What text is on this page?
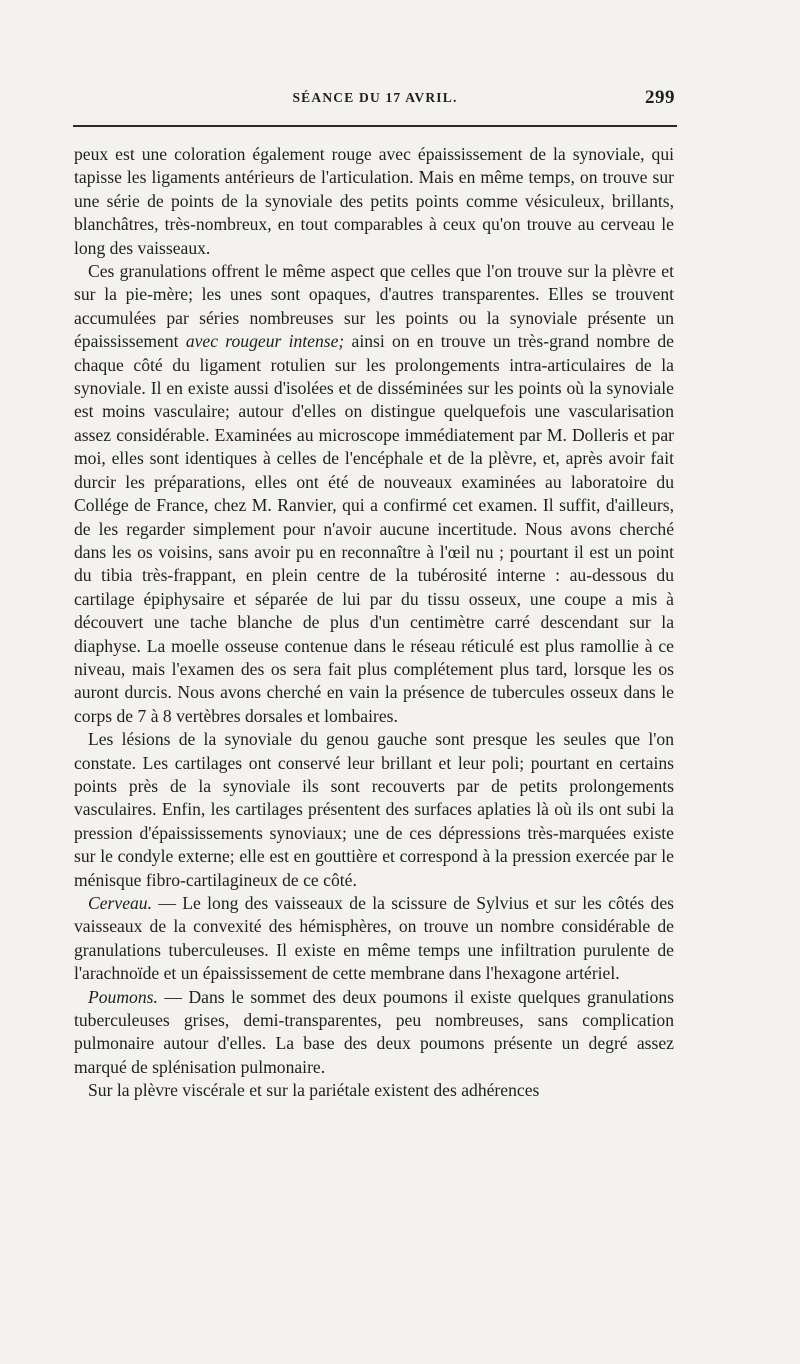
SÉANCE DU 17 AVRIL.	299

peux est une coloration également rouge avec épaississement de la synoviale, qui tapisse les ligaments antérieurs de l'articulation. Mais en même temps, on trouve sur une série de points de la synoviale des petits points comme vésiculeux, brillants, blanchâtres, très-nombreux, en tout comparables à ceux qu'on trouve au cerveau le long des vaisseaux.

Ces granulations offrent le même aspect que celles que l'on trouve sur la plèvre et sur la pie-mère; les unes sont opaques, d'autres transparentes. Elles se trouvent accumulées par séries nombreuses sur les points ou la synoviale présente un épaississement avec rougeur intense; ainsi on en trouve un très-grand nombre de chaque côté du ligament rotulien sur les prolongements intra-articulaires de la synoviale. Il en existe aussi d'isolées et de disséminées sur les points où la synoviale est moins vasculaire; autour d'elles on distingue quelquefois une vascularisation assez considérable. Examinées au microscope immédiatement par M. Dolleris et par moi, elles sont identiques à celles de l'encéphale et de la plèvre, et, après avoir fait durcir les préparations, elles ont été de nouveaux examinées au laboratoire du Collége de France, chez M. Ranvier, qui a confirmé cet examen. Il suffit, d'ailleurs, de les regarder simplement pour n'avoir aucune incertitude. Nous avons cherché dans les os voisins, sans avoir pu en reconnaître à l'œil nu ; pourtant il est un point du tibia très-frappant, en plein centre de la tubérosité interne : au-dessous du cartilage épiphysaire et séparée de lui par du tissu osseux, une coupe a mis à découvert une tache blanche de plus d'un centimètre carré descendant sur la diaphyse. La moelle osseuse contenue dans le réseau réticulé est plus ramollie à ce niveau, mais l'examen des os sera fait plus complétement plus tard, lorsque les os auront durcis. Nous avons cherché en vain la présence de tubercules osseux dans le corps de 7 à 8 vertèbres dorsales et lombaires.

Les lésions de la synoviale du genou gauche sont presque les seules que l'on constate. Les cartilages ont conservé leur brillant et leur poli; pourtant en certains points près de la synoviale ils sont recouverts par de petits prolongements vasculaires. Enfin, les cartilages présentent des surfaces aplaties là où ils ont subi la pression d'épaississements synoviaux; une de ces dépressions très-marquées existe sur le condyle externe; elle est en gouttière et correspond à la pression exercée par le ménisque fibro-cartilagineux de ce côté.

Cerveau. — Le long des vaisseaux de la scissure de Sylvius et sur les côtés des vaisseaux de la convexité des hémisphères, on trouve un nombre considérable de granulations tuberculeuses. Il existe en même temps une infiltration purulente de l'arachnoïde et un épaississement de cette membrane dans l'hexagone artériel.

Poumons. — Dans le sommet des deux poumons il existe quelques granulations tuberculeuses grises, demi-transparentes, peu nombreuses, sans complication pulmonaire autour d'elles. La base des deux poumons présente un degré assez marqué de splénisation pulmonaire.

Sur la plèvre viscérale et sur la pariétale existent des adhérences
